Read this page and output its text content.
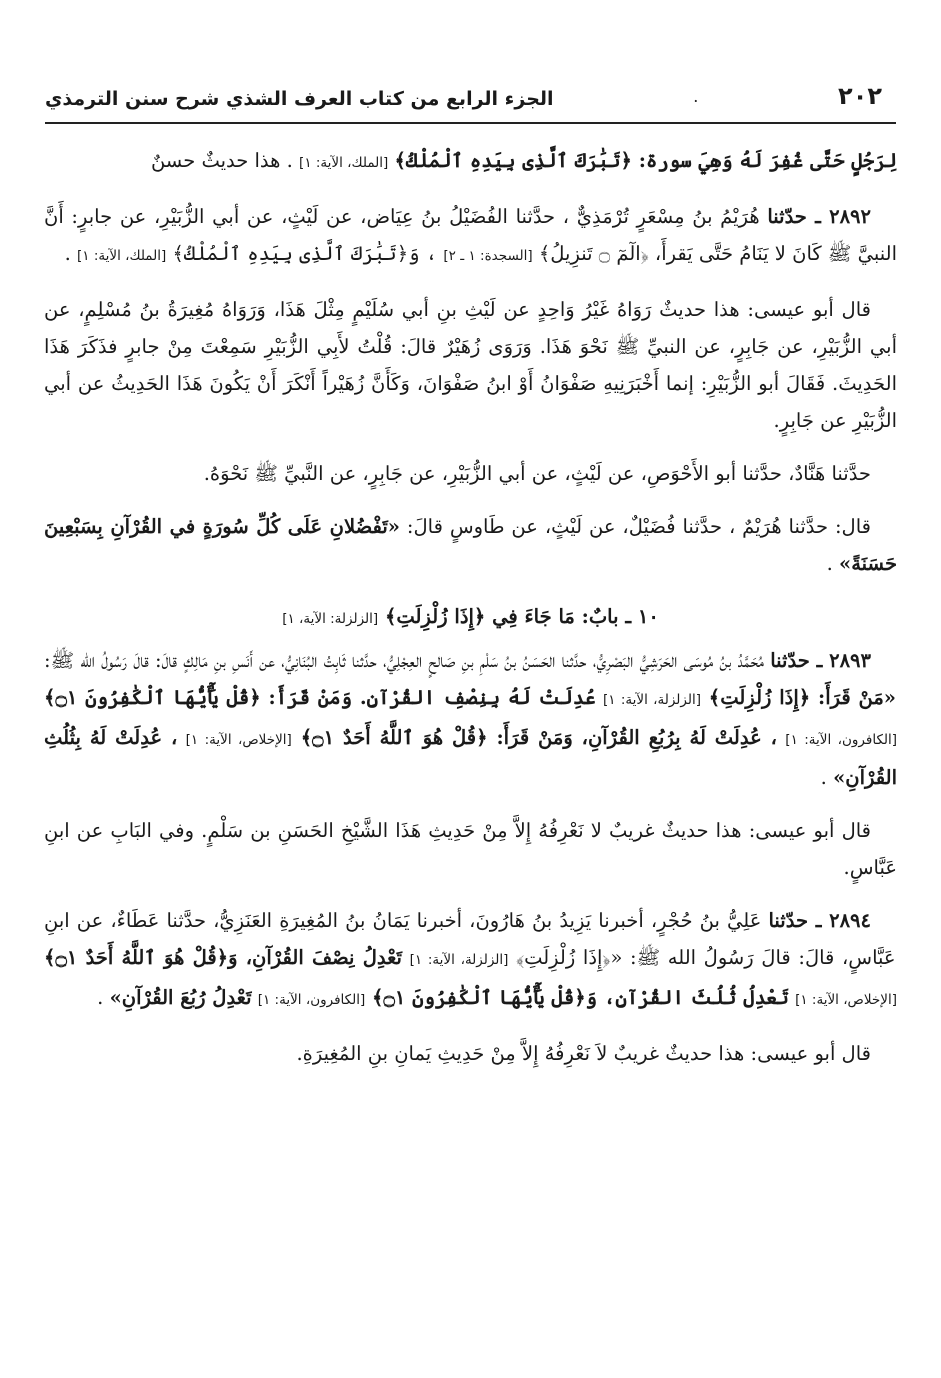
٢٠٢
.
الجزء الرابع من كتاب العرف الشذي شرح سنن الترمذي

لِرَجُلٍ حَتَّى غُفِرَ لَهُ وَهِيَ سورة: ﴿تَبَٰرَكَ ٱلَّذِى بِيَدِهِ ٱلْمُلْكُ﴾ [الملك، الآية: ١] . هذا حديثٌ حسنٌ

٢٨٩٢ ـ حدّثنا هُرَيْمُ بنُ مِسْعَرٍ تُرْمَذِيٌّ ، حدَّثنا الفُضَيْلُ بنُ عِيَاض، عن لَيْثٍ، عن أبي الزُّبَيْرِ، عن جابرٍ: أَنَّ النبيَّ ﷺ كَانَ لا يَنَامُ حَتَّى يَقرأَ، ﴿الٓمٓ ۝ تَنزِيلُ﴾ [السجدة: ١ ـ ٢] ، وَ﴿تَبَٰرَكَ ٱلَّذِى بِيَدِهِ ٱلْمُلْكُ﴾ [الملك، الآية: ١] .

قال أبو عيسى: هذا حديثٌ رَوَاهُ غَيْرُ وَاحِدٍ عن لَيْثِ بنِ أبي سُلَيْمٍ مِثْلَ هَذَا، وَرَوَاهُ مُغِيرَةُ بنُ مُسْلِمٍ، عن أبي الزُّبَيْرِ، عن جَابِرٍ، عن النبيِّ ﷺ نَحْوَ هَذَا. وَرَوَى زُهَيْرٌ قالَ: قُلْتُ لأَبِي الزُّبَيْرِ سَمِعْتَ مِنْ جابرٍ فذَكَرَ هَذَا الحَدِيثَ. فَقَالَ أبو الزُّبَيْرِ: إنما أَخْبَرَنِيهِ صَفْوَانُ أَوْ ابنُ صَفْوَانَ، وَكَأَنَّ زُهَيْراً أَنْكَرَ أَنْ يَكُونَ هَذَا الحَدِيثُ عن أبي الزُّبَيْرِ عن جَابِرٍ.

حدَّثنا هَنَّادٌ، حدَّثنا أبو الأَحْوَصِ، عن لَيْثٍ، عن أبي الزُّبَيْرِ، عن جَابِرٍ، عن النَّبيِّ ﷺ نَحْوَهُ.

قال: حدَّثنا هُرَيْمٌ ، حدَّثنا فُضَيْلٌ، عن لَيْثٍ، عن طَاوسٍ قالَ: «تَفْضُلانِ عَلَى كُلِّ سُورَةٍ في القُرْآنِ بِسَبْعِينَ حَسَنَةً» .

١٠ ـ بابٌ: مَا جَاءَ فِي ﴿إِذَا زُلْزِلَتِ﴾ [الزلزلة: الآية، ١]

٢٨٩٣ ـ حدّثنا مُحَمَّدُ بنُ مُوسَى الحَرَشِيُّ البَصْرِيُّ، حدَّثنا الحَسَنُ بنُ سَلْمِ بنِ صَالحٍ العِجْلِيُّ، حدَّثنا ثَابِتُ البُنَانِيُّ، عن أَنَسِ بنِ مَالِكٍ قالَ: قالَ رَسُولُ الله ﷺ: «مَنْ قَرَأَ: ﴿إِذَا زُلْزِلَتِ﴾ [الزلزلة، الآية: ١] عُدِلَتْ لَهُ بِنِصْفِ القُرْآنِ. وَمَنْ قَرَأَ: ﴿قُلْ يَٰٓأَيُّهَا ٱلْكَٰفِرُونَ ۝١﴾ [الكافرون، الآية: ١] ، عُدِلَتْ لَهُ بِرُبُعِ القُرْآنِ، وَمَنْ قَرَأَ: ﴿قُلْ هُوَ ٱللَّهُ أَحَدٌ ۝١﴾ [الإخلاص، الآية: ١] ، عُدِلَتْ لَهُ بِثُلُثِ القُرْآنِ» .

قال أبو عيسى: هذا حديثٌ غريبٌ لا نَعْرِفُهُ إِلاَّ مِنْ حَدِيثِ هَذَا الشَّيْخِ الحَسَنِ بن سَلْمٍ. وفي البَابِ عن ابنِ عَبَّاسٍ.

٢٨٩٤ ـ حدّثنا عَلِيُّ بنُ حُجْرٍ، أخبرنا يَزِيدُ بنُ هَارُونَ، أخبرنا يَمَانُ بنُ المُغِيرَةِ العَنَزِيُّ، حدَّثنا عَطَاءٌ، عن ابنِ عَبَّاسٍ، قالَ: قالَ رَسُولُ الله ﷺ: «﴿إِذَا زُلْزِلَتِ﴾ [الزلزلة، الآية: ١] تَعْدِلُ نِصْفَ القُرْآنِ، وَ﴿قُلْ هُوَ ٱللَّهُ أَحَدٌ ۝١﴾ [الإخلاص، الآية: ١] تَعْدِلُ ثُلُثَ القُرْآنِ، وَ﴿قُلْ يَٰٓأَيُّهَا ٱلْكَٰفِرُونَ ۝١﴾ [الكافرون، الآية: ١] تَعْدِلُ رُبُعَ القُرْآنِ» .

قال أبو عيسى: هذا حديثٌ غريبٌ لاَ نَعْرِفُهُ إِلاَّ مِنْ حَدِيثِ يَمانِ بنِ المُغِيرَةِ.
